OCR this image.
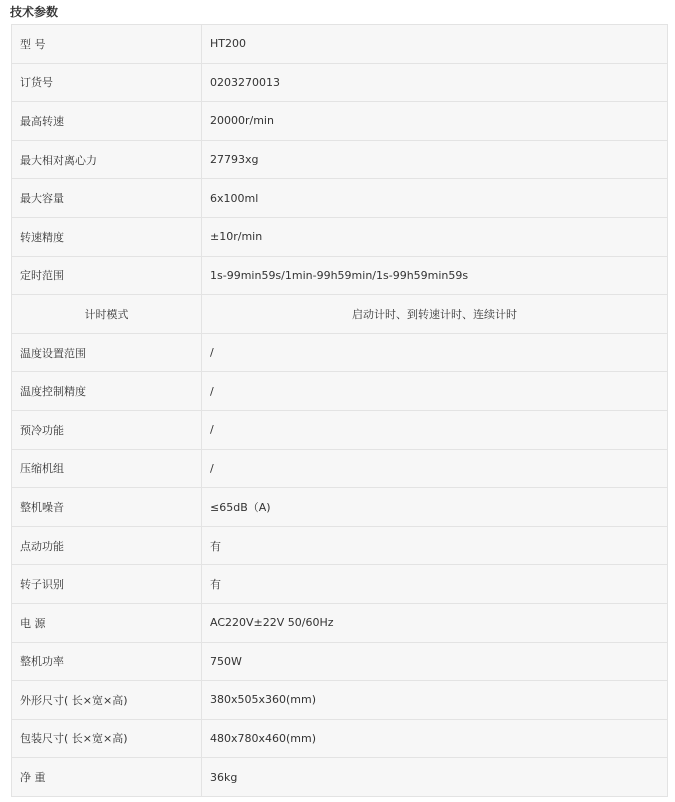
技术参数
型 号	HT200
订货号	0203270013
最高转速	20000r/min
最大相对离心力	27793xg
最大容量	6x100ml
转速精度	±10r/min
定时范围	1s-99min59s/1min-99h59min/1s-99h59min59s
计时模式	启动计时、到转速计时、连续计时
温度设置范围	/
温度控制精度	/
预冷功能	/
压缩机组	/
整机噪音	≤65dB（A)
点动功能	有
转子识别	有
电 源	AC220V±22V 50/60Hz
整机功率	750W
外形尺寸( 长×宽×高)	380x505x360(mm)
包装尺寸( 长×宽×高)	480x780x460(mm)
净 重	36kg
